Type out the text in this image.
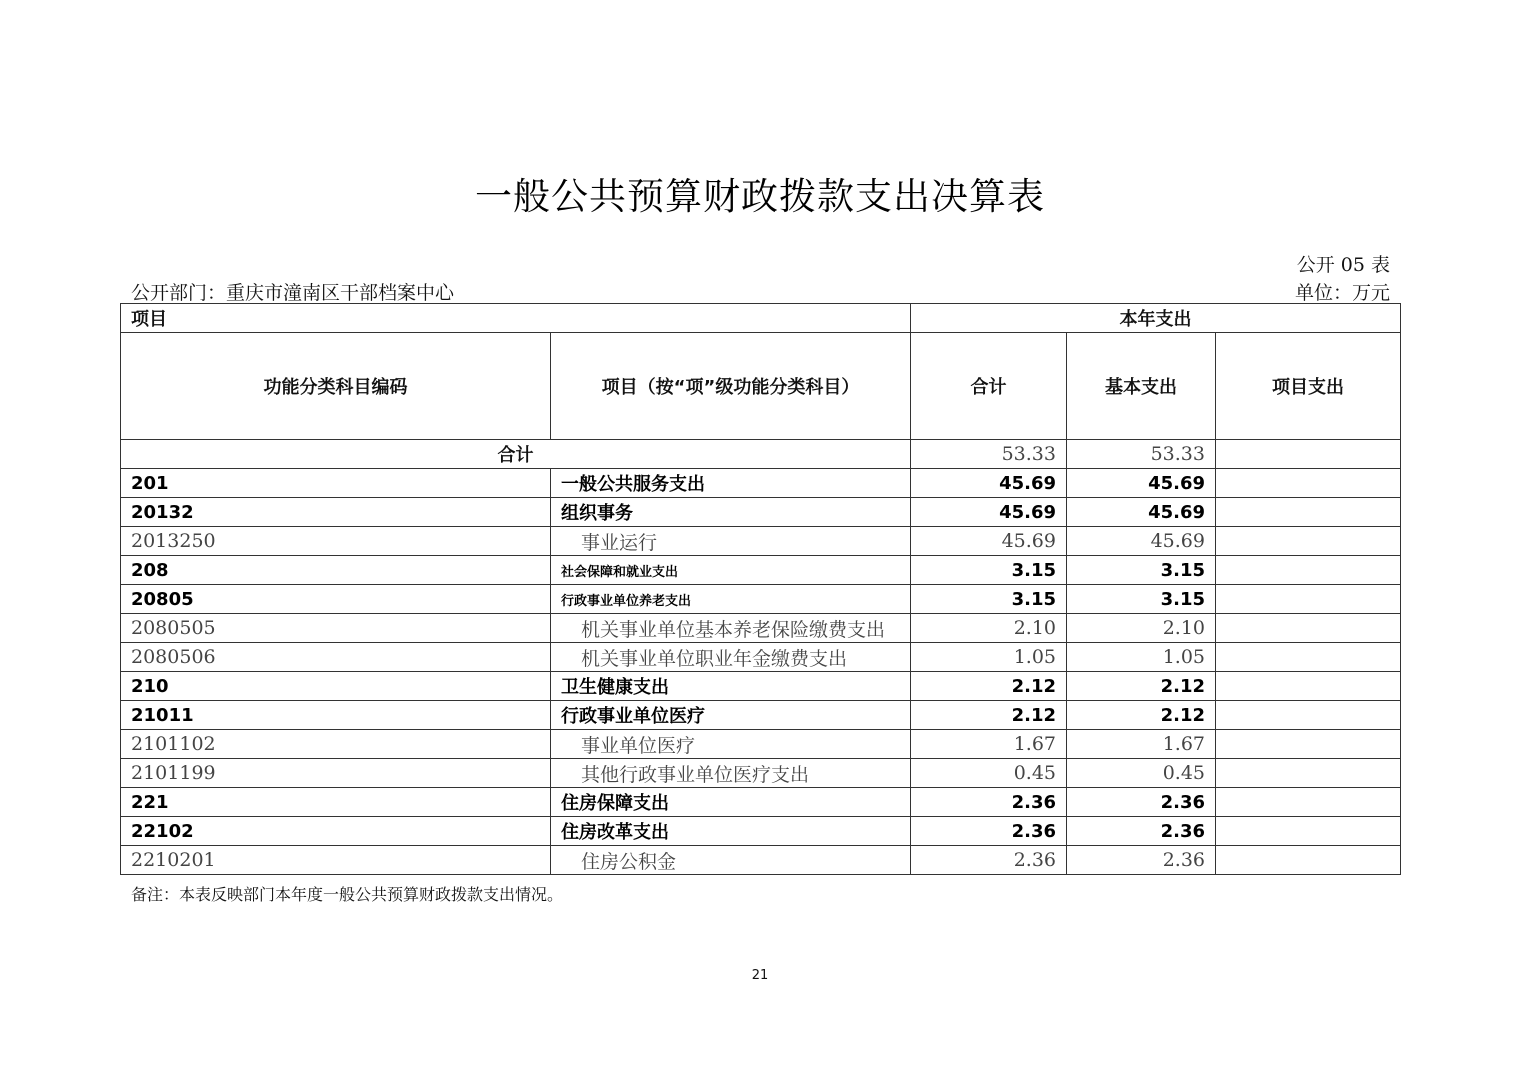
一般公共预算财政拨款支出决算表
公开 05 表
公开部门：重庆市潼南区干部档案中心	单位：万元
项目		本年支出		
功能分类科目编码	项目（按“项”级功能分类科目）	合计	基本支出	项目支出
合计		53.33	53.33	
201	一般公共服务支出	45.69	45.69	
20132	组织事务	45.69	45.69	
2013250	事业运行	45.69	45.69	
208	社会保障和就业支出	3.15	3.15	
20805	行政事业单位养老支出	3.15	3.15	
2080505	机关事业单位基本养老保险缴费支出	2.10	2.10	
2080506	机关事业单位职业年金缴费支出	1.05	1.05	
210	卫生健康支出	2.12	2.12	
21011	行政事业单位医疗	2.12	2.12	
2101102	事业单位医疗	1.67	1.67	
2101199	其他行政事业单位医疗支出	0.45	0.45	
221	住房保障支出	2.36	2.36	
22102	住房改革支出	2.36	2.36	
2210201	住房公积金	2.36	2.36	
备注：本表反映部门本年度一般公共预算财政拨款支出情况。
21
